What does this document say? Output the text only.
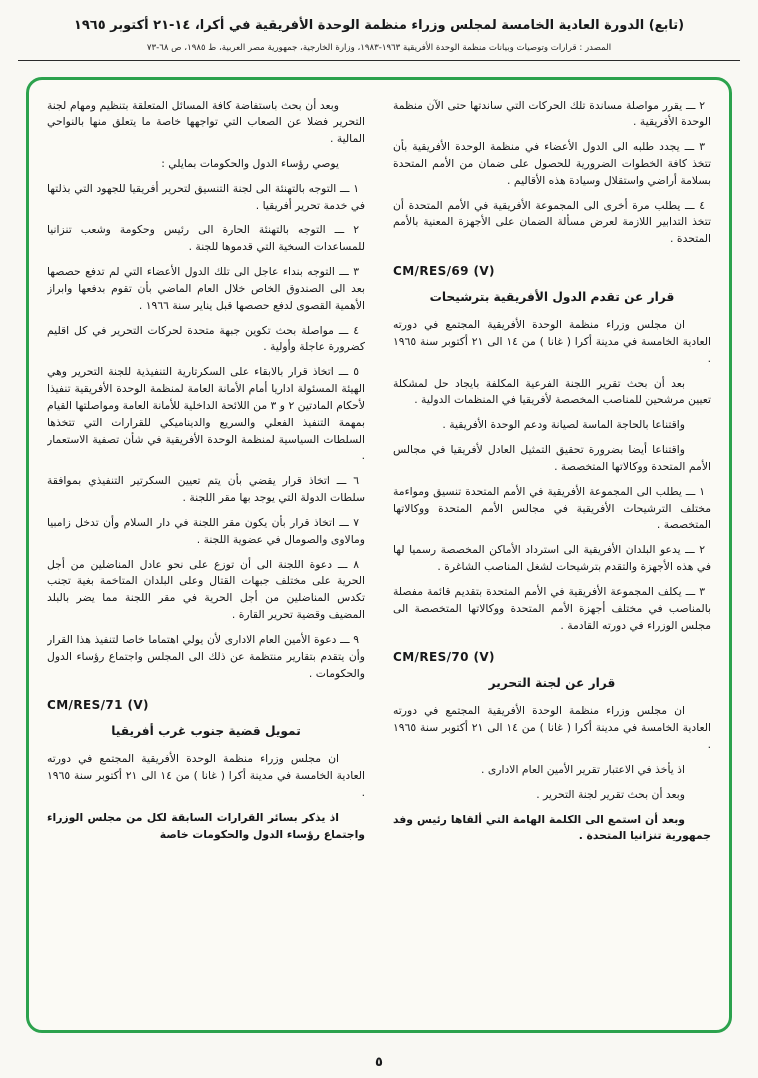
(تابع) الدورة العادية الخامسة لمجلس وزراء منظمة الوحدة الأفريقية في أكرا، ١٤-٢١ أكتوبر ١٩٦٥
المصدر : قرارات وتوصيات وبيانات منظمة الوحدة الأفريقية ١٩٦٣-١٩٨٣، وزارة الخارجية، جمهورية مصر العربية، ط ١٩٨٥، ص ٦٨-٧٣
٢ ـــ يقرر مواصلة مساندة تلك الحركات التي ساندتها حتى الآن منظمة الوحدة الأفريقية .
٣ ـــ يجدد طلبه الى الدول الأعضاء في منظمة الوحدة الأفريقية بأن تتخذ كافة الخطوات الضرورية للحصول على ضمان من الأمم المتحدة بسلامة أراضي واستقلال وسيادة هذه الأقاليم .
٤ ـــ يطلب مرة أخرى الى المجموعة الأفريقية في الأمم المتحدة أن تتخذ التدابير اللازمة لعرض مسألة الضمان على الأجهزة المعنية بالأمم المتحدة .
CM/RES/69 (V)
قرار عن تقدم الدول الأفريقية بترشيحات
ان مجلس وزراء منظمة الوحدة الأفريقية المجتمع في دورته العادية الخامسة في مدينة أكرا ( غانا ) من ١٤ الى ٢١ أكتوبر سنة ١٩٦٥ .
بعد أن بحث تقرير اللجنة الفرعية المكلفة بايجاد حل لمشكلة تعيين مرشحين للمناصب المخصصة لأفريقيا في المنظمات الدولية .
واقتناعا بالحاجة الماسة لصيانة ودعم الوحدة الأفريقية .
واقتناعا أيضا بضرورة تحقيق التمثيل العادل لأفريقيا في مجالس الأمم المتحدة ووكالاتها المتخصصة .
١ ـــ يطلب الى المجموعة الأفريقية في الأمم المتحدة تنسيق ومواءمة مختلف الترشيحات الأفريقية في مجالس الأمم المتحدة ووكالاتها المتخصصة .
٢ ـــ يدعو البلدان الأفريقية الى استرداد الأماكن المخصصة رسميا لها في هذه الأجهزة والتقدم بترشيحات لشغل المناصب الشاغرة .
٣ ـــ يكلف المجموعة الأفريقية في الأمم المتحدة بتقديم قائمة مفصلة بالمناصب في مختلف أجهزة الأمم المتحدة ووكالاتها المتخصصة الى مجلس الوزراء في دورته القادمة .
CM/RES/70 (V)
قرار عن لجنة التحرير
ان مجلس وزراء منظمة الوحدة الأفريقية المجتمع في دورته العادية الخامسة في مدينة أكرا ( غانا ) من ١٤ الى ٢١ أكتوبر سنة ١٩٦٥ .
اذ يأخذ في الاعتبار تقرير الأمين العام الادارى .
وبعد أن بحث تقرير لجنة التحرير .
وبعد أن استمع الى الكلمة الهامة التي ألقاها رئيس وفد جمهورية تنزانيا المتحدة .
وبعد أن بحث باستفاضة كافة المسائل المتعلقة بتنظيم ومهام لجنة التحرير فضلا عن الصعاب التي تواجهها خاصة ما يتعلق منها بالنواحي المالية .
يوصي رؤساء الدول والحكومات بمايلي :
١ ـــ التوجه بالتهنئة الى لجنة التنسيق لتحرير أفريقيا للجهود التي بذلتها في خدمة تحرير أفريقيا .
٢ ـــ التوجه بالتهنئة الحارة الى رئيس وحكومة وشعب تنزانيا للمساعدات السخية التي قدموها للجنة .
٣ ـــ التوجه بنداء عاجل الى تلك الدول الأعضاء التي لم تدفع حصصها بعد الى الصندوق الخاص خلال العام الماضي بأن تقوم بدفعها وابراز الأهمية القصوى لدفع حصصها قبل يناير سنة ١٩٦٦ .
٤ ـــ مواصلة بحث تكوين جبهة متحدة لحركات التحرير في كل اقليم كضرورة عاجلة وأولية .
٥ ـــ اتخاذ قرار بالابقاء على السكرتارية التنفيذية للجنة التحرير وهي الهيئة المسئولة اداريا أمام الأمانة العامة لمنظمة الوحدة الأفريقية تنفيذا لأحكام المادتين ٢ و ٣ من اللائحة الداخلية للأمانة العامة ومواصلتها القيام بمهمة التنفيذ الفعلي والسريع والديناميكي للقرارات التي تتخذها السلطات السياسية لمنظمة الوحدة الأفريقية في شأن تصفية الاستعمار .
٦ ـــ اتخاذ قرار يقضي بأن يتم تعيين السكرتير التنفيذي بموافقة سلطات الدولة التي يوجد بها مقر اللجنة .
٧ ـــ اتخاذ قرار بأن يكون مقر اللجنة في دار السلام وأن تدخل زامبيا ومالاوى والصومال في عضوية اللجنة .
٨ ـــ دعوة اللجنة الى أن توزع على نحو عادل المناضلين من أجل الحرية على مختلف جبهات القتال وعلى البلدان المتاخمة بغية تجنب تكدس المناضلين من أجل الحرية في مقر اللجنة مما يضر بالبلد المضيف وقضية تحرير القارة .
٩ ـــ دعوة الأمين العام الادارى لأن يولي اهتماما خاصا لتنفيذ هذا القرار وأن يتقدم بتقارير منتظمة عن ذلك الى المجلس واجتماع رؤساء الدول والحكومات .
CM/RES/71 (V)
تمويل قضية جنوب غرب أفريقيا
ان مجلس وزراء منظمة الوحدة الأفريقية المجتمع في دورته العادية الخامسة في مدينة أكرا ( غانا ) من ١٤ الى ٢١ أكتوبر سنة ١٩٦٥ .
اذ يذكر بسائر القرارات السابقة لكل من مجلس الوزراء واجتماع رؤساء الدول والحكومات خاصة
٥
